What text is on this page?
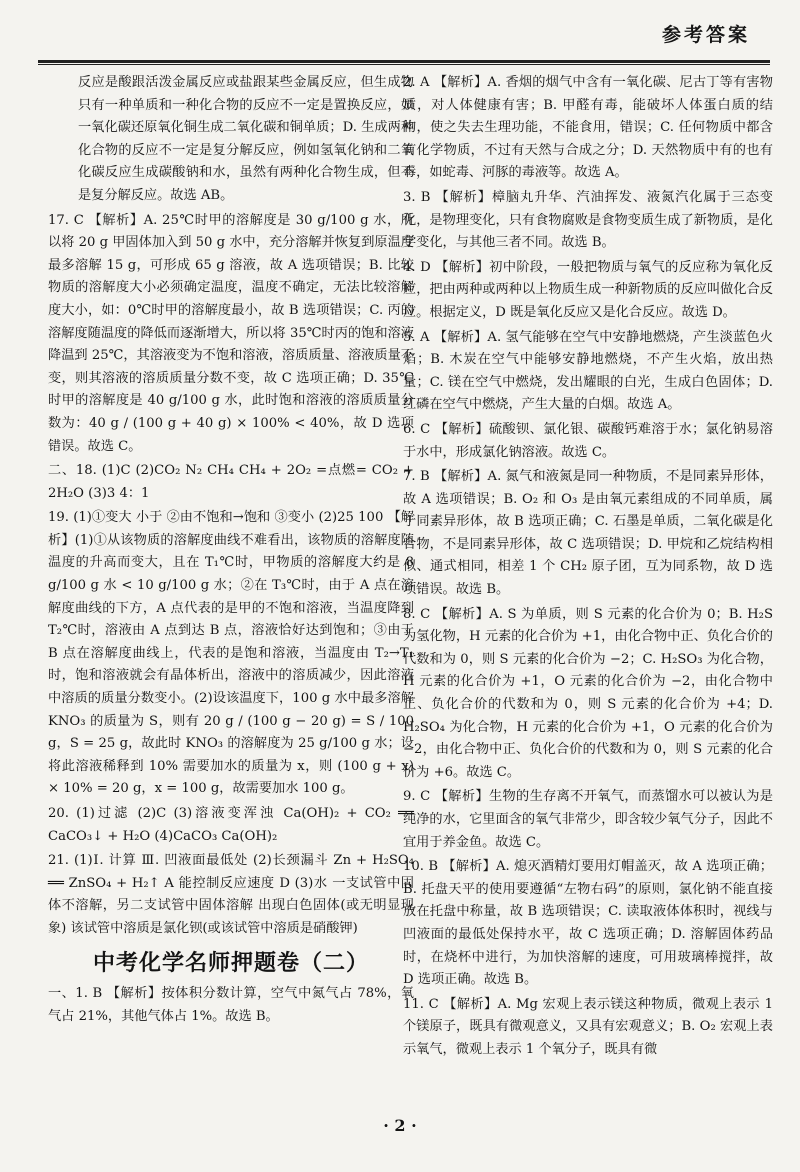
参考答案

反应是酸跟活泼金属反应或盐跟某些金属反应，但生成物只有一种单质和一种化合物的反应不一定是置换反应，如一氧化碳还原氧化铜生成二氧化碳和铜单质；D. 生成两种化合物的反应不一定是复分解反应，例如氢氧化钠和二氧化碳反应生成碳酸钠和水，虽然有两种化合物生成，但不是复分解反应。故选 AB。

17. C 【解析】A. 25℃时甲的溶解度是 30 g/100 g 水，所以将 20 g 甲固体加入到 50 g 水中，充分溶解并恢复到原温度最多溶解 15 g，可形成 65 g 溶液，故 A 选项错误；B. 比较物质的溶解度大小必须确定温度，温度不确定，无法比较溶解度大小，如：0℃时甲的溶解度最小，故 B 选项错误；C. 丙的溶解度随温度的降低而逐渐增大，所以将 35℃时丙的饱和溶液降温到 25℃，其溶液变为不饱和溶液，溶质质量、溶液质量不变，则其溶液的溶质质量分数不变，故 C 选项正确；D. 35℃时甲的溶解度是 40 g/100 g 水，此时饱和溶液的溶质质量分数为：40 g / (100 g + 40 g) × 100% < 40%，故 D 选项错误。故选 C。

二、18. (1)C (2)CO₂ N₂ CH₄ CH₄ + 2O₂ =点燃= CO₂ + 2H₂O (3)3 4：1

19. (1)①变大 小于 ②由不饱和→饱和 ③变小 (2)25 100 【解析】(1)①从该物质的溶解度曲线不难看出，该物质的溶解度随温度的升高而变大，且在 T₁℃时，甲物质的溶解度大约是 8 g/100 g 水 < 10 g/100 g 水；②在 T₃℃时，由于 A 点在溶解度曲线的下方，A 点代表的是甲的不饱和溶液，当温度降到 T₂℃时，溶液由 A 点到达 B 点，溶液恰好达到饱和；③由于 B 点在溶解度曲线上，代表的是饱和溶液，当温度由 T₂→T₁ 时，饱和溶液就会有晶体析出，溶液中的溶质减少，因此溶液中溶质的质量分数变小。(2)设该温度下，100 g 水中最多溶解 KNO₃ 的质量为 S，则有 20 g / (100 g − 20 g) = S / 100 g，S = 25 g，故此时 KNO₃ 的溶解度为 25 g/100 g 水；设将此溶液稀释到 10% 需要加水的质量为 x，则 (100 g + x) × 10% = 20 g，x = 100 g，故需要加水 100 g。

20. (1)过滤 (2)C (3)溶液变浑浊 Ca(OH)₂ + CO₂ ══ CaCO₃↓ + H₂O (4)CaCO₃ Ca(OH)₂

21. (1)Ⅰ. 计算 Ⅲ. 凹液面最低处 (2)长颈漏斗 Zn + H₂SO₄ ══ ZnSO₄ + H₂↑ A 能控制反应速度 D (3)水 一支试管中固体不溶解，另二支试管中固体溶解 出现白色固体(或无明显现象) 该试管中溶质是氯化钡(或该试管中溶质是硝酸钾)

中考化学名师押题卷（二）

一、1. B 【解析】按体积分数计算，空气中氮气占 78%，氧气占 21%，其他气体占 1%。故选 B。

2. A 【解析】A. 香烟的烟气中含有一氧化碳、尼古丁等有害物质，对人体健康有害；B. 甲醛有毒，能破坏人体蛋白质的结构，使之失去生理功能，不能食用，错误；C. 任何物质中都含有化学物质，不过有天然与合成之分；D. 天然物质中有的也有毒，如蛇毒、河豚的毒液等。故选 A。

3. B 【解析】樟脑丸升华、汽油挥发、液氮汽化属于三态变化，是物理变化，只有食物腐败是食物变质生成了新物质，是化学变化，与其他三者不同。故选 B。

4. D 【解析】初中阶段，一般把物质与氧气的反应称为氧化反应，把由两种或两种以上物质生成一种新物质的反应叫做化合反应。根据定义，D 既是氧化反应又是化合反应。故选 D。

5. A 【解析】A. 氢气能够在空气中安静地燃烧，产生淡蓝色火焰；B. 木炭在空气中能够安静地燃烧，不产生火焰，放出热量；C. 镁在空气中燃烧，发出耀眼的白光，生成白色固体；D. 红磷在空气中燃烧，产生大量的白烟。故选 A。

6. C 【解析】硫酸钡、氯化银、碳酸钙难溶于水；氯化钠易溶于水中，形成氯化钠溶液。故选 C。

7. B 【解析】A. 氮气和液氮是同一种物质，不是同素异形体，故 A 选项错误；B. O₂ 和 O₃ 是由氧元素组成的不同单质，属于同素异形体，故 B 选项正确；C. 石墨是单质，二氧化碳是化合物，不是同素异形体，故 C 选项错误；D. 甲烷和乙烷结构相似、通式相同，相差 1 个 CH₂ 原子团，互为同系物，故 D 选项错误。故选 B。

8. C 【解析】A. S 为单质，则 S 元素的化合价为 0；B. H₂S 为氢化物，H 元素的化合价为 +1，由化合物中正、负化合价的代数和为 0，则 S 元素的化合价为 −2；C. H₂SO₃ 为化合物，H 元素的化合价为 +1，O 元素的化合价为 −2，由化合物中正、负化合价的代数和为 0，则 S 元素的化合价为 +4；D. H₂SO₄ 为化合物，H 元素的化合价为 +1，O 元素的化合价为 −2，由化合物中正、负化合价的代数和为 0，则 S 元素的化合价为 +6。故选 C。

9. C 【解析】生物的生存离不开氧气，而蒸馏水可以被认为是纯净的水，它里面含的氧气非常少，即含较少氧气分子，因此不宜用于养金鱼。故选 C。

10. B 【解析】A. 熄灭酒精灯要用灯帽盖灭，故 A 选项正确；B. 托盘天平的使用要遵循“左物右码”的原则，氯化钠不能直接放在托盘中称量，故 B 选项错误；C. 读取液体体积时，视线与凹液面的最低处保持水平，故 C 选项正确；D. 溶解固体药品时，在烧杯中进行，为加快溶解的速度，可用玻璃棒搅拌，故 D 选项正确。故选 B。

11. C 【解析】A. Mg 宏观上表示镁这种物质，微观上表示 1 个镁原子，既具有微观意义，又具有宏观意义；B. O₂ 宏观上表示氧气，微观上表示 1 个氧分子，既具有微

· 2 ·
